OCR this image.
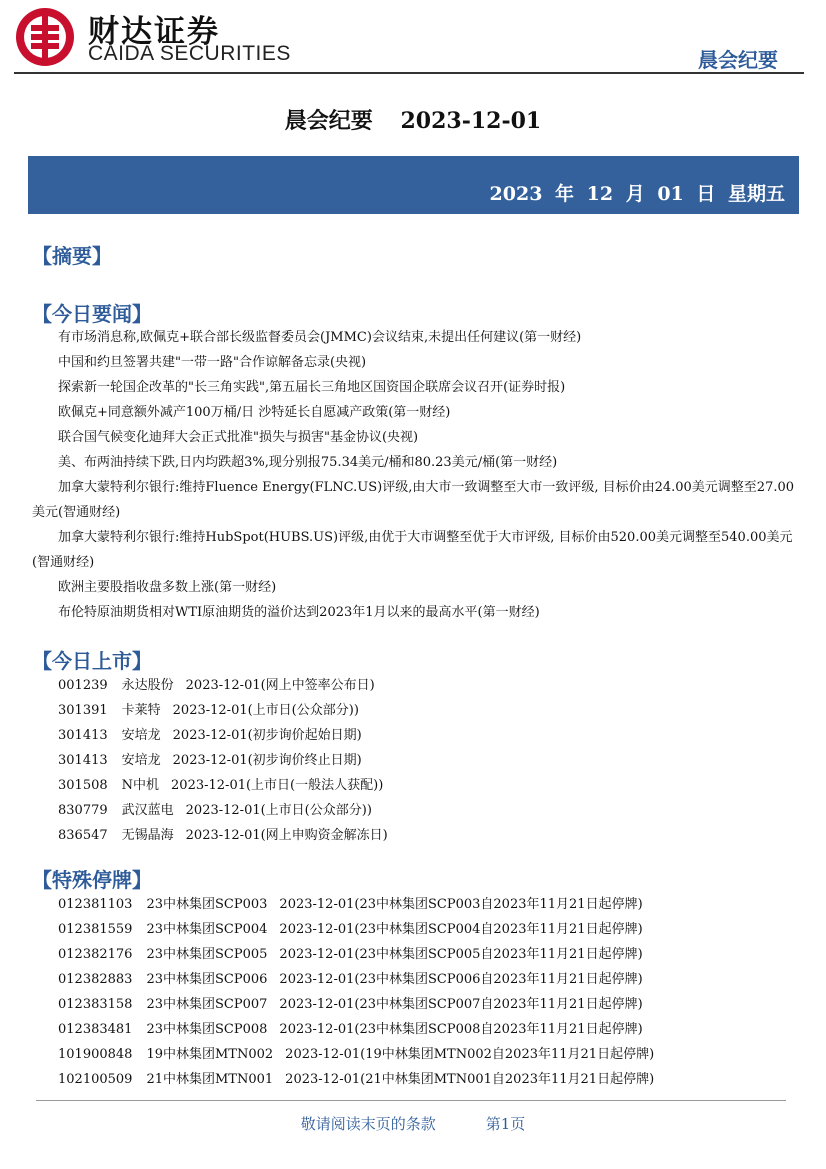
财达证券
CAIDA SECURITIES	晨会纪要
晨会纪要 2023-12-01
2023 年 12 月 01 日 星期五
【摘要】
【今日要闻】
有市场消息称,欧佩克+联合部长级监督委员会(JMMC)会议结束,未提出任何建议(第一财经)
中国和约旦签署共建"一带一路"合作谅解备忘录(央视)
探索新一轮国企改革的"长三角实践",第五届长三角地区国资国企联席会议召开(证券时报)
欧佩克+同意额外减产100万桶/日 沙特延长自愿减产政策(第一财经)
联合国气候变化迪拜大会正式批准"损失与损害"基金协议(央视)
美、布两油持续下跌,日内均跌超3%,现分别报75.34美元/桶和80.23美元/桶(第一财经)
加拿大蒙特利尔银行:维持Fluence Energy(FLNC.US)评级,由大市一致调整至大市一致评级, 目标价由24.00美元调整至27.00美元(智通财经)
加拿大蒙特利尔银行:维持HubSpot(HUBS.US)评级,由优于大市调整至优于大市评级, 目标价由520.00美元调整至540.00美元(智通财经)
欧洲主要股指收盘多数上涨(第一财经)
布伦特原油期货相对WTI原油期货的溢价达到2023年1月以来的最高水平(第一财经)
【今日上市】
001239 永达股份 2023-12-01(网上中签率公布日)
301391 卡莱特 2023-12-01(上市日(公众部分))
301413 安培龙 2023-12-01(初步询价起始日期)
301413 安培龙 2023-12-01(初步询价终止日期)
301508 N中机 2023-12-01(上市日(一般法人获配))
830779 武汉蓝电 2023-12-01(上市日(公众部分))
836547 无锡晶海 2023-12-01(网上申购资金解冻日)
【特殊停牌】
012381103 23中林集团SCP003 2023-12-01(23中林集团SCP003自2023年11月21日起停牌)
012381559 23中林集团SCP004 2023-12-01(23中林集团SCP004自2023年11月21日起停牌)
012382176 23中林集团SCP005 2023-12-01(23中林集团SCP005自2023年11月21日起停牌)
012382883 23中林集团SCP006 2023-12-01(23中林集团SCP006自2023年11月21日起停牌)
012383158 23中林集团SCP007 2023-12-01(23中林集团SCP007自2023年11月21日起停牌)
012383481 23中林集团SCP008 2023-12-01(23中林集团SCP008自2023年11月21日起停牌)
101900848 19中林集团MTN002 2023-12-01(19中林集团MTN002自2023年11月21日起停牌)
102100509 21中林集团MTN001 2023-12-01(21中林集团MTN001自2023年11月21日起停牌)
敬请阅读末页的条款	第1页
